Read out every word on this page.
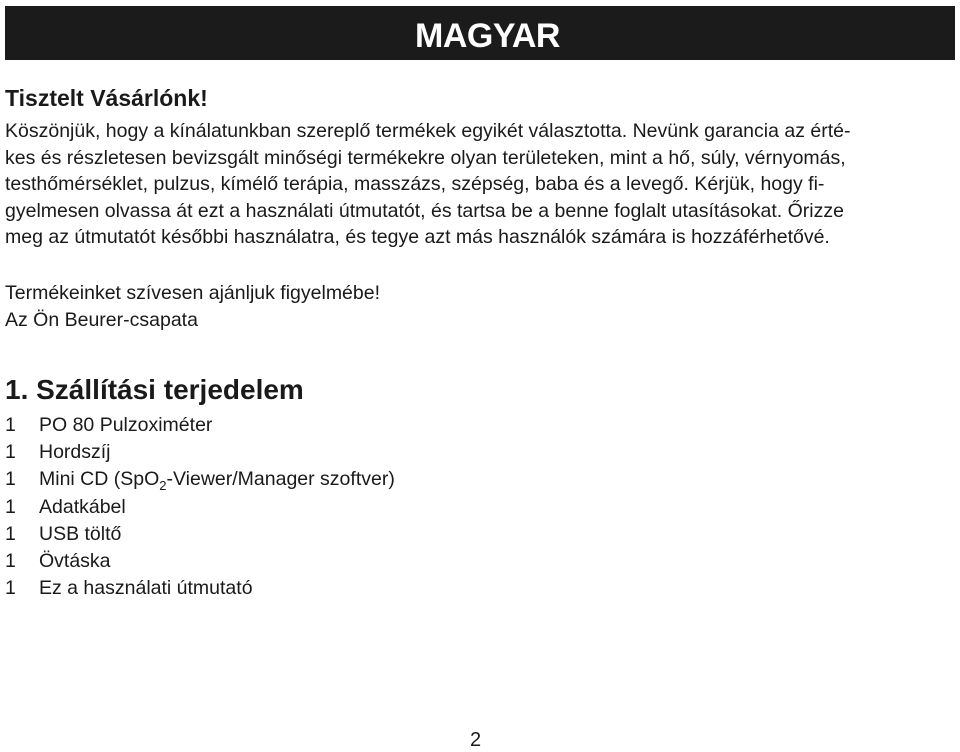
MAGYAR
Tisztelt Vásárlónk!
Köszönjük, hogy a kínálatunkban szereplő termékek egyikét választotta. Nevünk garancia az érté-
kes és részletesen bevizsgált minőségi termékekre olyan területeken, mint a hő, súly, vérnyomás,
testhőmérséklet, pulzus, kímélő terápia, masszázs, szépség, baba és a levegő. Kérjük, hogy fi-
gyelmesen olvassa át ezt a használati útmutatót, és tartsa be a benne foglalt utasításokat. Őrizze
meg az útmutatót későbbi használatra, és tegye azt más használók számára is hozzáférhetővé.
Termékeinket szívesen ajánljuk figyelmébe!
Az Ön Beurer-csapata
1. Szállítási terjedelem
1	PO 80 Pulzoximéter
1	Hordszíj
1	Mini CD (SpO$_2$-Viewer/Manager szoftver)
1	Adatkábel
1	USB töltő
1	Övtáska
1	Ez a használati útmutató
2
